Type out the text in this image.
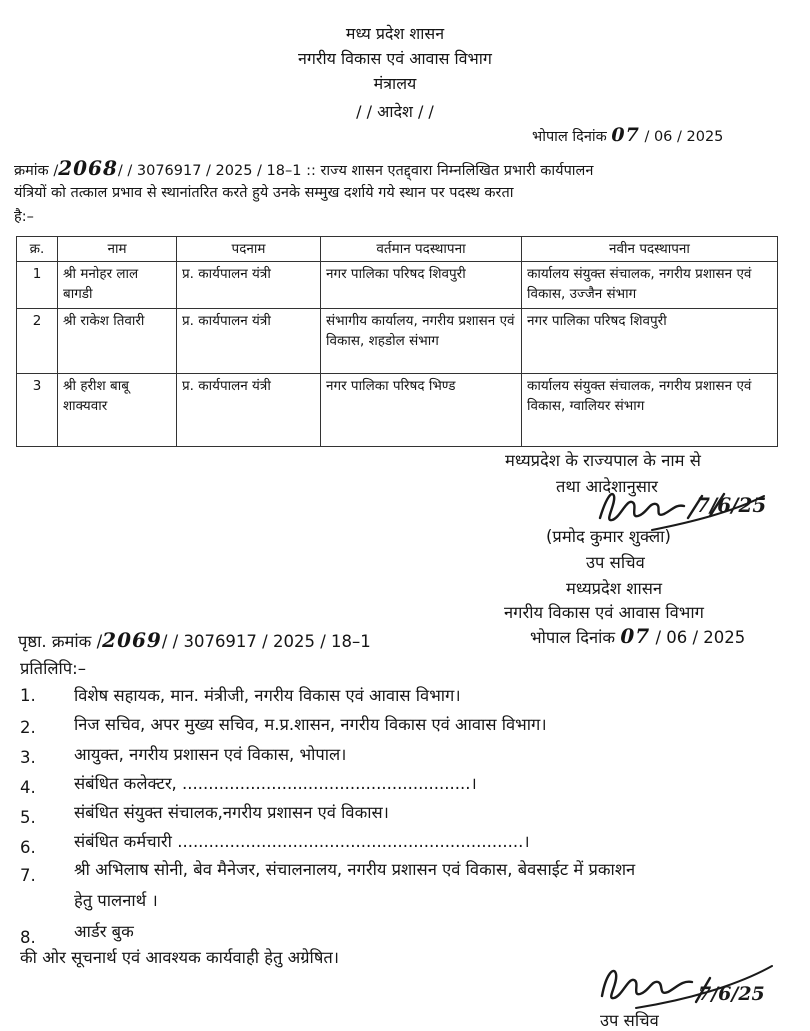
मध्य प्रदेश शासन
नगरीय विकास एवं आवास विभाग
मंत्रालय
/ / आदेश / /
भोपाल दिनांक 07 / 06 / 2025
क्रमांक /2068/ / 3076917 / 2025 / 18–1 :: राज्य शासन एतद्द्वारा निम्नलिखित प्रभारी कार्यपालन
यंत्रियों को तत्काल प्रभाव से स्थानांतरित करते हुये उनके सम्मुख दर्शाये गये स्थान पर पदस्थ करता
है:–
क्र.	नाम	पदनाम	वर्तमान पदस्थापना	नवीन पदस्थापना
1	श्री मनोहर लाल बागडी	प्र. कार्यपालन यंत्री	नगर पालिका परिषद शिवपुरी	कार्यालय संयुक्त संचालक, नगरीय प्रशासन एवं विकास, उज्जैन संभाग
2	श्री राकेश तिवारी	प्र. कार्यपालन यंत्री	संभागीय कार्यालय, नगरीय प्रशासन एवं विकास, शहडोल संभाग	नगर पालिका परिषद शिवपुरी
3	श्री हरीश बाबू शाक्यवार	प्र. कार्यपालन यंत्री	नगर पालिका परिषद भिण्ड	कार्यालय संयुक्त संचालक, नगरीय प्रशासन एवं विकास, ग्वालियर संभाग
मध्यप्रदेश के राज्यपाल के नाम से
तथा आदेशानुसार
7/6/25
(प्रमोद कुमार शुक्ला)
उप सचिव
मध्यप्रदेश शासन
नगरीय विकास एवं आवास विभाग
पृष्ठा. क्रमांक /2069/ / 3076917 / 2025 / 18–1	भोपाल दिनांक 07 / 06 / 2025
प्रतिलिपि:–
1. विशेष सहायक, मान. मंत्रीजी, नगरीय विकास एवं आवास विभाग।
2. निज सचिव, अपर मुख्य सचिव, म.प्र.शासन, नगरीय विकास एवं आवास विभाग।
3. आयुक्त, नगरीय प्रशासन एवं विकास, भोपाल।
4. संबंधित कलेक्टर, .......................................................।
5. संबंधित संयुक्त संचालक,नगरीय प्रशासन एवं विकास।
6. संबंधित कर्मचारी ..................................................................।
7. श्री अभिलाष सोनी, बेव मैनेजर, संचालनालय, नगरीय प्रशासन एवं विकास, बेवसाईट में प्रकाशन
हेतु पालनार्थ ।
8. आर्डर बुक
की ओर सूचनार्थ एवं आवश्यक कार्यवाही हेतु अग्रेषित।
7/6/25
उप सचिव
